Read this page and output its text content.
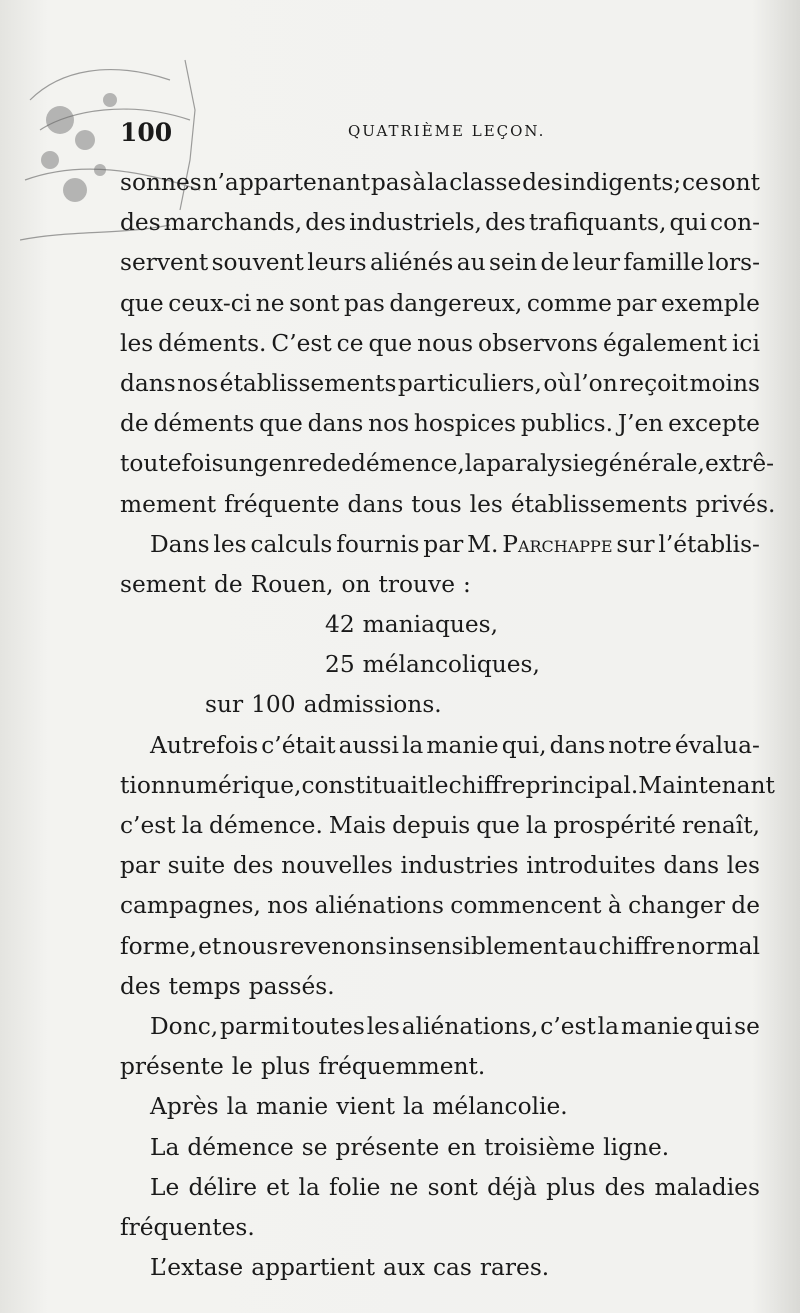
100	QUATRIÈME LEÇON.
sonnes n’appartenant pas à la classe des indigents; ce sont
des marchands, des industriels, des trafiquants, qui con-
servent souvent leurs aliénés au sein de leur famille lors-
que ceux-ci ne sont pas dangereux, comme par exemple
les déments. C’est ce que nous observons également ici
dans nos établissements particuliers, où l’on reçoit moins
de déments que dans nos hospices publics. J’en excepte
toutefois un genre de démence, la paralysie générale, extrê-
mement fréquente dans tous les établissements privés.
Dans les calculs fournis par M. Parchappe sur l’établis-
sement de Rouen, on trouve :
42 maniaques,
25 mélancoliques,
sur 100 admissions.
Autrefois c’était aussi la manie qui, dans notre évalua-
tion numérique, constituait le chiffre principal. Maintenant
c’est la démence. Mais depuis que la prospérité renaît,
par suite des nouvelles industries introduites dans les
campagnes, nos aliénations commencent à changer de
forme, et nous revenons insensiblement au chiffre normal
des temps passés.
Donc, parmi toutes les aliénations, c’est la manie qui se
présente le plus fréquemment.
Après la manie vient la mélancolie.
La démence se présente en troisième ligne.
Le délire et la folie ne sont déjà plus des maladies
fréquentes.
L’extase appartient aux cas rares.
